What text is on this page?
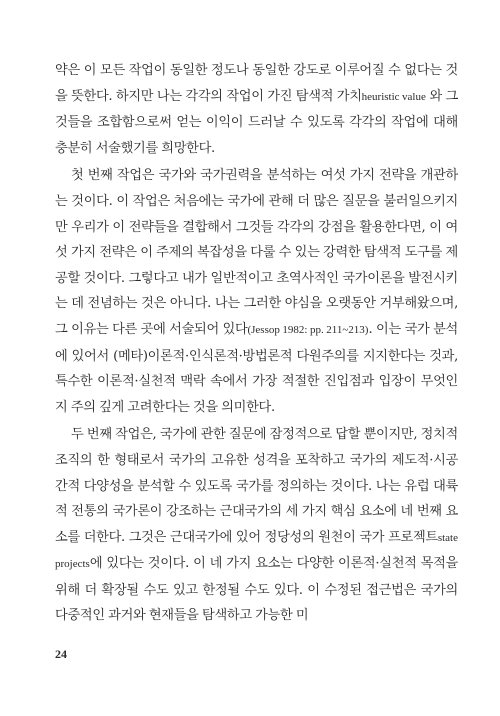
약은 이 모든 작업이 동일한 정도나 동일한 강도로 이루어질 수 없다는 것을 뜻한다. 하지만 나는 각각의 작업이 가진 탐색적 가치heuristic value 와 그것들을 조합함으로써 얻는 이익이 드러날 수 있도록 각각의 작업에 대해 충분히 서술했기를 희망한다.

첫 번째 작업은 국가와 국가권력을 분석하는 여섯 가지 전략을 개관하는 것이다. 이 작업은 처음에는 국가에 관해 더 많은 질문을 불러일으키지만 우리가 이 전략들을 결합해서 그것들 각각의 강점을 활용한다면, 이 여섯 가지 전략은 이 주제의 복잡성을 다룰 수 있는 강력한 탐색적 도구를 제공할 것이다. 그렇다고 내가 일반적이고 초역사적인 국가이론을 발전시키는 데 전념하는 것은 아니다. 나는 그러한 야심을 오랫동안 거부해왔으며, 그 이유는 다른 곳에 서술되어 있다(Jessop 1982: pp. 211~213). 이는 국가 분석에 있어서 (메타)이론적·인식론적·방법론적 다원주의를 지지한다는 것과, 특수한 이론적·실천적 맥락 속에서 가장 적절한 진입점과 입장이 무엇인지 주의 깊게 고려한다는 것을 의미한다.

두 번째 작업은, 국가에 관한 질문에 잠정적으로 답할 뿐이지만, 정치적 조직의 한 형태로서 국가의 고유한 성격을 포착하고 국가의 제도적·시공간적 다양성을 분석할 수 있도록 국가를 정의하는 것이다. 나는 유럽 대륙적 전통의 국가론이 강조하는 근대국가의 세 가지 핵심 요소에 네 번째 요소를 더한다. 그것은 근대국가에 있어 정당성의 원천이 국가 프로젝트state projects에 있다는 것이다. 이 네 가지 요소는 다양한 이론적·실천적 목적을 위해 더 확장될 수도 있고 한정될 수도 있다. 이 수정된 접근법은 국가의 다중적인 과거와 현재들을 탐색하고 가능한 미

24
